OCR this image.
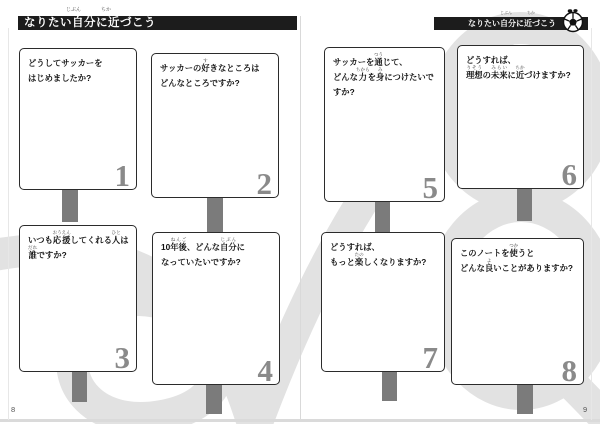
じぶん	ちか
なりたい自分に近づこう
じぶん	ちか
なりたい自分に近づこう
どうしてサッカーを
はじめましたか?
1
サッカーの好すきなところは
どんなところですか?
2
いつも応援おうえんしてくれる人ひとは
誰だれですか?
3
10年後ねんご、どんな自分じぶんに
なっていたいですか?
4
サッカーを通つうじて、
どんな力ちからを身みにつけたいですか?
5
どうすれば、
理想りそうの未来みらいに近ちかづけますか?
6
どうすれば、
もっと楽たのしくなりますか?
7
このノートを使つかうと
どんな良よいことがありますか?
8
8	9
